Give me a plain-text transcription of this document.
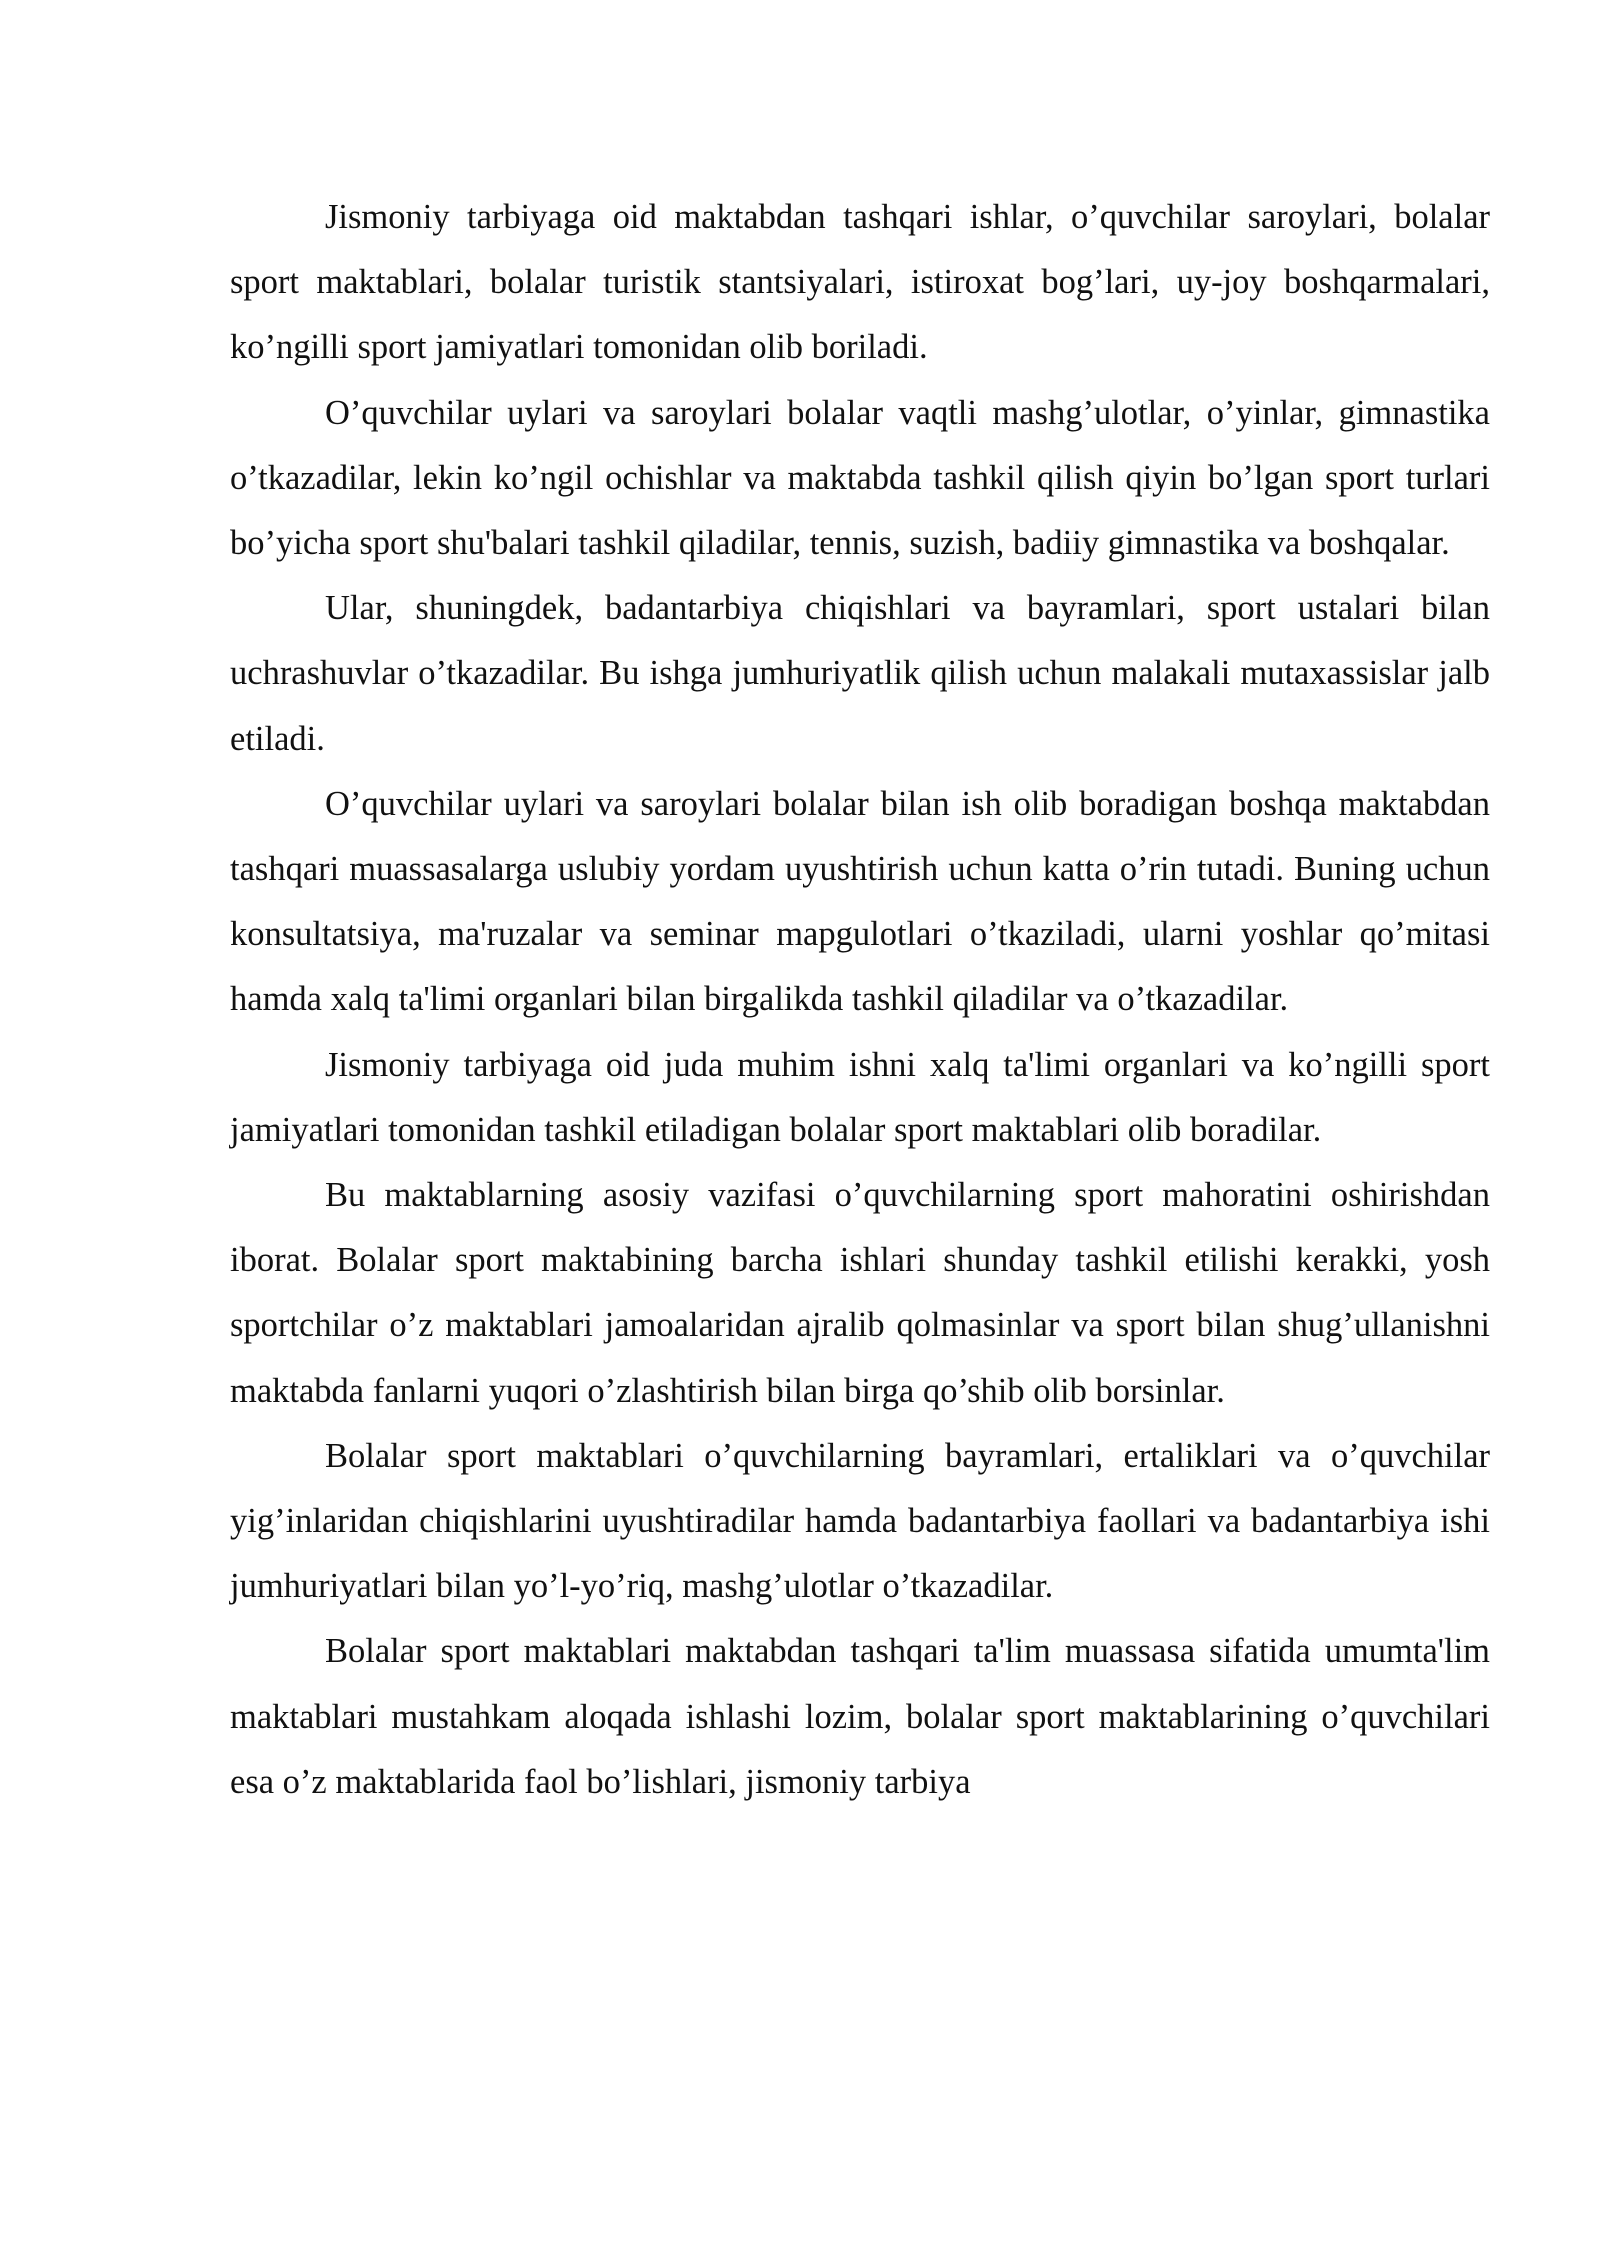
Jismoniy tarbiyaga oid maktabdan tashqari ishlar, o’quvchilar saroylari, bolalar sport maktablari, bolalar turistik stantsiyalari, istiroxat bog’lari, uy-joy boshqarmalari, ko’ngilli sport jamiyatlari tomonidan olib boriladi.

O’quvchilar uylari va saroylari bolalar vaqtli mashg’ulotlar, o’yinlar, gimnastika o’tkazadilar, lekin ko’ngil ochishlar va maktabda tashkil qilish qiyin bo’lgan sport turlari bo’yicha sport shu'balari tashkil qiladilar, tennis, suzish, badiiy gimnastika va boshqalar.

Ular, shuningdek, badantarbiya chiqishlari va bayramlari, sport ustalari bilan uchrashuvlar o’tkazadilar. Bu ishga jumhuriyatlik qilish uchun malakali mutaxassislar jalb etiladi.

O’quvchilar uylari va saroylari bolalar bilan ish olib boradigan boshqa maktabdan tashqari muassasalarga uslubiy yordam uyushtirish uchun katta o’rin tutadi. Buning uchun konsultatsiya, ma'ruzalar va seminar mapgulotlari o’tkaziladi, ularni yoshlar qo’mitasi hamda xalq ta'limi organlari bilan birgalikda tashkil qiladilar va o’tkazadilar.

Jismoniy tarbiyaga oid juda muhim ishni xalq ta'limi organlari va ko’ngilli sport jamiyatlari tomonidan tashkil etiladigan bolalar sport maktablari olib boradilar.

Bu maktablarning asosiy vazifasi o’quvchilarning sport mahoratini oshirishdan iborat. Bolalar sport maktabining barcha ishlari shunday tashkil etilishi kerakki, yosh sportchilar o’z maktablari jamoalaridan ajralib qolmasinlar va sport bilan shug’ullanishni maktabda fanlarni yuqori o’zlashtirish bilan birga qo’shib olib borsinlar.

Bolalar sport maktablari o’quvchilarning bayramlari, ertaliklari va o’quvchilar yig’inlaridan chiqishlarini uyushtiradilar hamda badantarbiya faollari va badantarbiya ishi jumhuriyatlari bilan yo’l-yo’riq, mashg’ulotlar o’tkazadilar.

Bolalar sport maktablari maktabdan tashqari ta'lim muassasa sifatida umumta'lim maktablari mustahkam aloqada ishlashi lozim, bolalar sport maktablarining o’quvchilari esa o’z maktablarida faol bo’lishlari, jismoniy tarbiya
